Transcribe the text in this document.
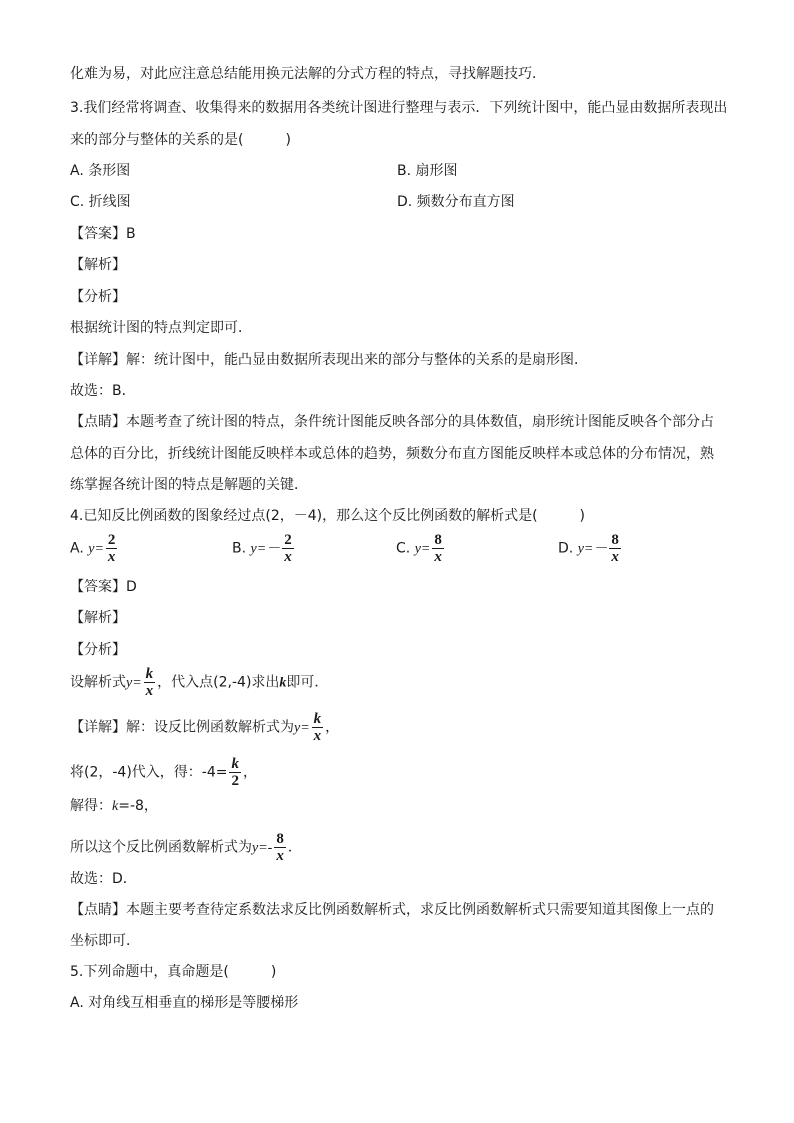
化难为易，对此应注意总结能用换元法解的分式方程的特点，寻找解题技巧．
3.我们经常将调查、收集得来的数据用各类统计图进行整理与表示．下列统计图中，能凸显由数据所表现出
来的部分与整体的关系的是(　　　)
A. 条形图	B. 扇形图
C. 折线图	D. 频数分布直方图
【答案】B
【解析】
【分析】
根据统计图的特点判定即可．
【详解】解：统计图中，能凸显由数据所表现出来的部分与整体的关系的是扇形图．
故选：B．
【点睛】本题考查了统计图的特点，条件统计图能反映各部分的具体数值，扇形统计图能反映各个部分占
总体的百分比，折线统计图能反映样本或总体的趋势，频数分布直方图能反映样本或总体的分布情况，熟
练掌握各统计图的特点是解题的关键．
4.已知反比例函数的图象经过点(2，－4)，那么这个反比例函数的解析式是(　　　)
A. $y= \frac{2}{x}$	B. $y=- \frac{2}{x}$	C. $y= \frac{8}{x}$	D. $y=- \frac{8}{x}$
【答案】D
【解析】
【分析】
设解析式$y= \frac{k}{x}$ ，代入点(2,-4)求出k即可．
【详解】解：设反比例函数解析式为$y= \frac{k}{x}$ ，
将(2，-4)代入，得：$-4= \frac{k}{2}$ ，
解得：k=-8，
所以这个反比例函数解析式为$y=- \frac{8}{x}$ ．
故选：D．
【点睛】本题主要考查待定系数法求反比例函数解析式，求反比例函数解析式只需要知道其图像上一点的
坐标即可．
5.下列命题中，真命题是(　　　)
A. 对角线互相垂直的梯形是等腰梯形
